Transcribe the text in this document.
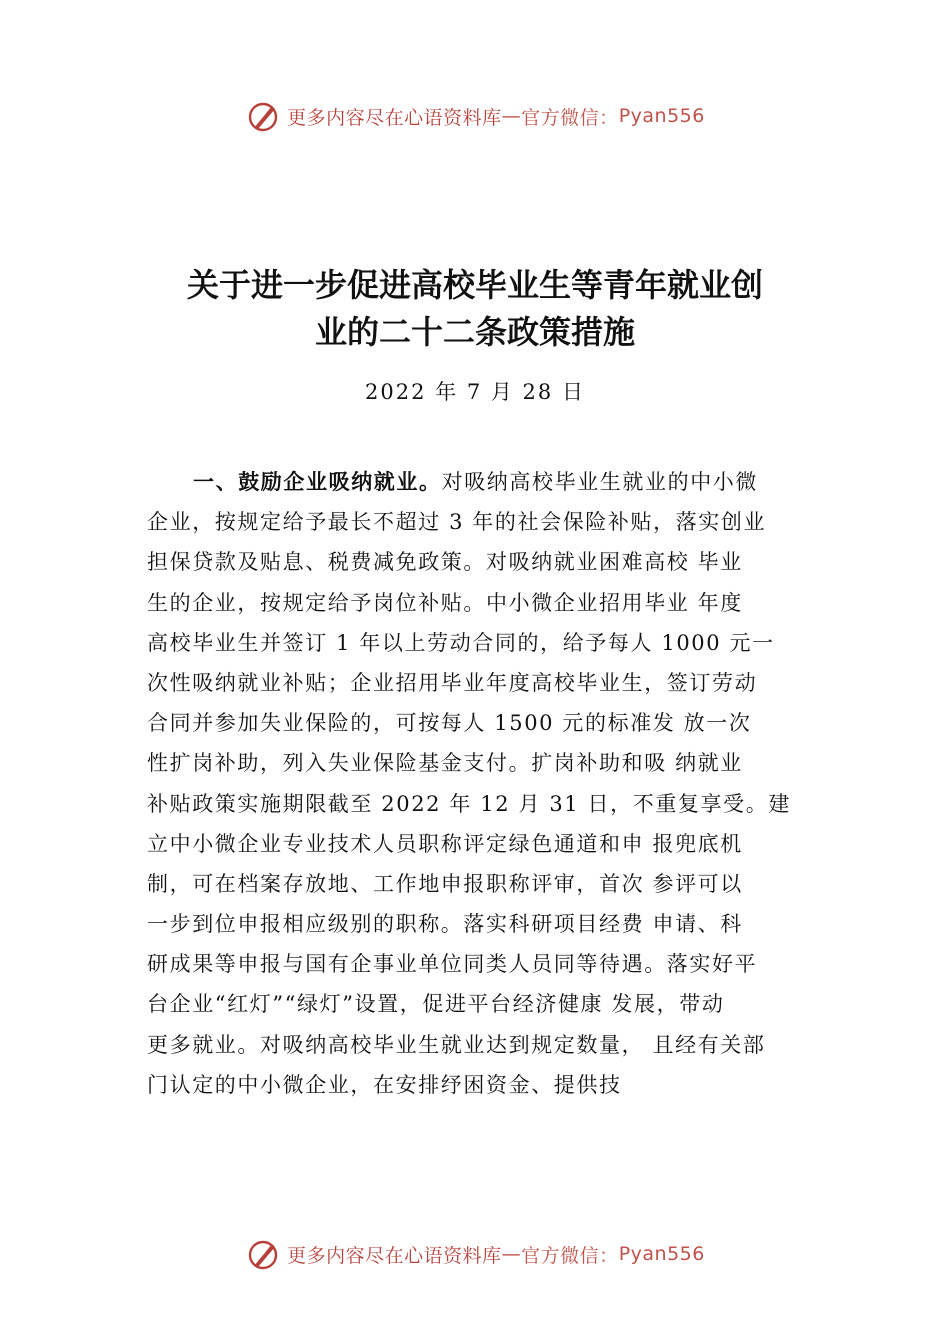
更多内容尽在心语资料库 — 官方微信： Pyan556
关于进一步促进高校毕业生等青年就业创
业的二十二条政策措施
2022 年 7 月 28 日
一、鼓励企业吸纳就业。对吸纳高校毕业生就业的中小微
企业，按规定给予最长不超过 3 年的社会保险补贴，落实创业
担保贷款及贴息、税费减免政策。对吸纳就业困难高校 毕业
生的企业，按规定给予岗位补贴。中小微企业招用毕业 年度
高校毕业生并签订 1 年以上劳动合同的，给予每人 1000 元一
次性吸纳就业补贴；企业招用毕业年度高校毕业生，签订劳动
合同并参加失业保险的，可按每人 1500 元的标准发 放一次
性扩岗补助，列入失业保险基金支付。扩岗补助和吸 纳就业
补贴政策实施期限截至 2022 年 12 月 31 日，不重复享受。建
立中小微企业专业技术人员职称评定绿色通道和申 报兜底机
制，可在档案存放地、工作地申报职称评审，首次 参评可以
一步到位申报相应级别的职称。落实科研项目经费 申请、科
研成果等申报与国有企事业单位同类人员同等待遇。落实好平
台企业“红灯”“绿灯”设置，促进平台经济健康 发展，带动
更多就业。对吸纳高校毕业生就业达到规定数量， 且经有关部
门认定的中小微企业，在安排纾困资金、提供技
更多内容尽在心语资料库 — 官方微信： Pyan556
